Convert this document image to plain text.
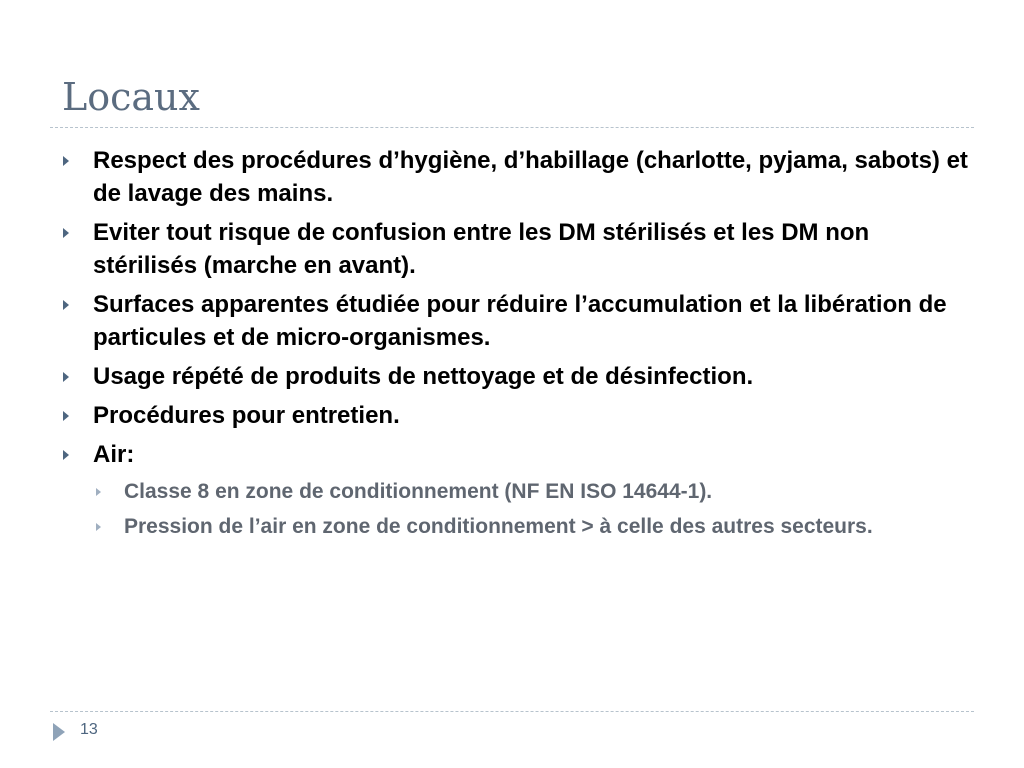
Locaux
Respect des procédures d’hygiène, d’habillage (charlotte, pyjama, sabots) et de lavage des mains.
Eviter tout risque de confusion entre les DM stérilisés et les DM non stérilisés (marche en avant).
Surfaces apparentes étudiée pour réduire l’accumulation et la libération de particules et de micro-organismes.
Usage répété de produits de nettoyage et de désinfection.
Procédures pour entretien.
Air:
Classe 8 en zone de conditionnement (NF EN ISO 14644-1).
Pression de l’air en zone de conditionnement > à celle des autres secteurs.
13
